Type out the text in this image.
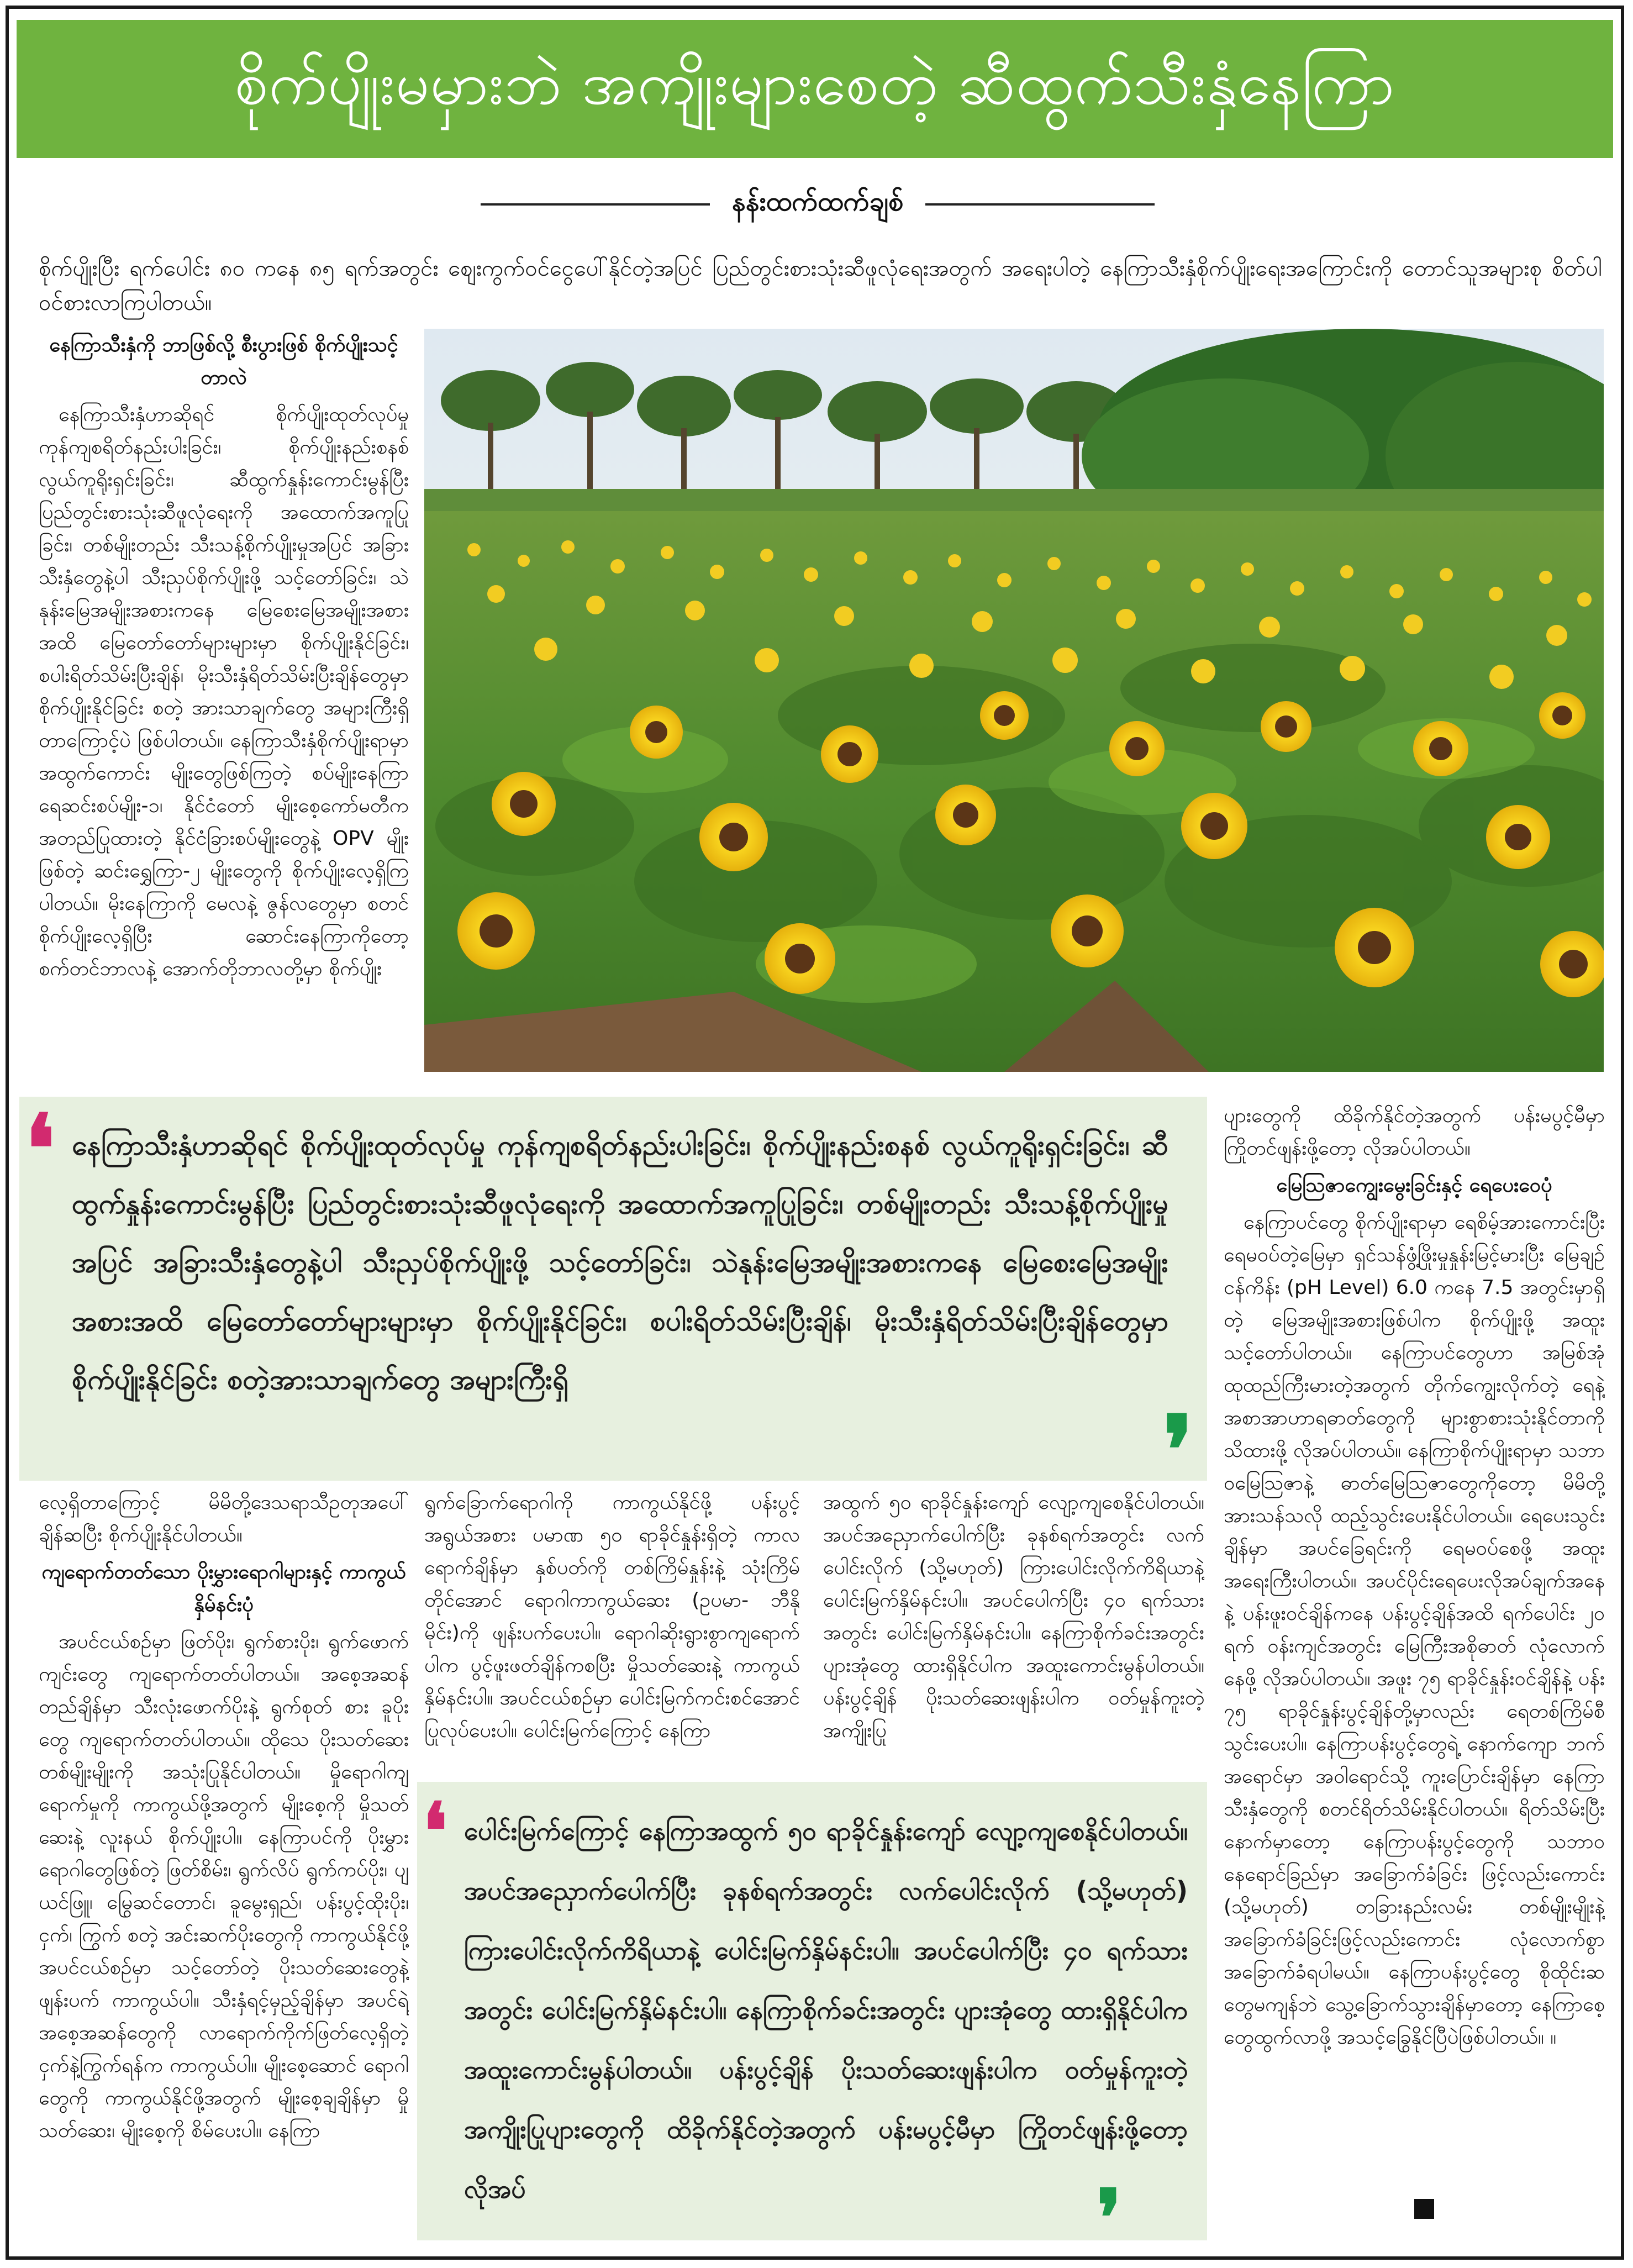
စိုက်ပျိုးမမှားဘဲ အကျိုးများစေတဲ့ ဆီထွက်သီးနှံနေကြာ
နန်းထက်ထက်ချစ်
စိုက်ပျိုးပြီး ရက်ပေါင်း ၈၀ ကနေ ၈၅ ရက်အတွင်း စျေးကွက်ဝင်ငွေပေါ်နိုင်တဲ့အပြင် ပြည်တွင်းစားသုံးဆီဖူလုံရေးအတွက် အရေးပါတဲ့ နေကြာသီးနှံစိုက်ပျိုးရေးအကြောင်းကို တောင်သူအများစု စိတ်ပါဝင်စားလာကြပါတယ်။

နေကြာသီးနှံကို ဘာဖြစ်လို့ စီးပွားဖြစ် စိုက်ပျိုးသင့်တာလဲ

နေကြာသီးနှံဟာဆိုရင် စိုက်ပျိုးထုတ်လုပ်မှု ကုန်ကျစရိတ်နည်းပါးခြင်း၊ စိုက်ပျိုးနည်းစနစ် လွယ်ကူရိုးရှင်းခြင်း၊ ဆီထွက်နှုန်းကောင်းမွန်ပြီး ပြည်တွင်းစားသုံးဆီဖူလုံရေးကို အထောက်အကူပြုခြင်း၊ တစ်မျိုးတည်း သီးသန့်စိုက်ပျိုးမှုအပြင် အခြားသီးနှံတွေနဲ့ပါ သီးညှပ်စိုက်ပျိုးဖို့ သင့်တော်ခြင်း၊ သဲနုန်းမြေအမျိုးအစားကနေ မြေစေးမြေအမျိုးအစားအထိ မြေတော်တော်များများမှာ စိုက်ပျိုးနိုင်ခြင်း၊ စပါးရိတ်သိမ်းပြီးချိန်၊ မိုးသီးနှံရိတ်သိမ်းပြီးချိန်တွေမှာ စိုက်ပျိုးနိုင်ခြင်း စတဲ့ အားသာချက်တွေ အများကြီးရှိတာကြောင့်ပဲ ဖြစ်ပါတယ်။ နေကြာသီးနှံစိုက်ပျိုးရာမှာ အထွက်ကောင်း မျိုးတွေဖြစ်ကြတဲ့ စပ်မျိုးနေကြာ ရေဆင်းစပ်မျိုး-၁၊ နိုင်ငံတော် မျိုးစေ့ကော်မတီက အတည်ပြုထားတဲ့ နိုင်ငံခြားစပ်မျိုးတွေနဲ့ OPV မျိုးဖြစ်တဲ့ ဆင်းရွှေကြာ-၂ မျိုးတွေကို စိုက်ပျိုးလေ့ရှိကြပါတယ်။ မိုးနေကြာကို မေလနဲ့ ဇွန်လတွေမှာ စတင်စိုက်ပျိုးလေ့ရှိပြီး ဆောင်းနေကြာကိုတော့ စက်တင်ဘာလနဲ့ အောက်တိုဘာလတို့မှာ စိုက်ပျိုး

❛ နေကြာသီးနှံဟာဆိုရင် စိုက်ပျိုးထုတ်လုပ်မှု ကုန်ကျစရိတ်နည်းပါးခြင်း၊ စိုက်ပျိုးနည်းစနစ် လွယ်ကူရိုးရှင်းခြင်း၊ ဆီထွက်နှုန်းကောင်းမွန်ပြီး ပြည်တွင်းစားသုံးဆီဖူလုံရေးကို အထောက်အကူပြုခြင်း၊ တစ်မျိုးတည်း သီးသန့်စိုက်ပျိုးမှုအပြင် အခြားသီးနှံတွေနဲ့ပါ သီးညှပ်စိုက်ပျိုးဖို့ သင့်တော်ခြင်း၊ သဲနုန်းမြေအမျိုးအစားကနေ မြေစေးမြေအမျိုးအစားအထိ မြေတော်တော်များများမှာ စိုက်ပျိုးနိုင်ခြင်း၊ စပါးရိတ်သိမ်းပြီးချိန်၊ မိုးသီးနှံရိတ်သိမ်းပြီးချိန်တွေမှာ စိုက်ပျိုးနိုင်ခြင်း စတဲ့အားသာချက်တွေ အများကြီးရှိ
❜

လေ့ရှိတာကြောင့် မိမိတို့ဒေသရာသီဥတုအပေါ် ချိန်ဆပြီး စိုက်ပျိုးနိုင်ပါတယ်။

ကျရောက်တတ်သော ပိုးမွှားရောဂါများနှင့် ကာကွယ်နှိမ်နင်းပုံ

အပင်ငယ်စဉ်မှာ ဖြတ်ပိုး၊ ရွက်စားပိုး၊ ရွက်ဖောက်ကျင်းတွေ ကျရောက်တတ်ပါတယ်။ အစေ့အဆန်တည်ချိန်မှာ သီးလုံးဖောက်ပိုးနဲ့ ရွက်စုတ် စား ခူပိုးတွေ ကျရောက်တတ်ပါတယ်။ ထိုသေ ပိုးသတ်ဆေးတစ်မျိုးမျိုးကို အသုံးပြုနိုင်ပါတယ်။ မှိုရောဂါကျရောက်မှုကို ကာကွယ်ဖို့အတွက် မျိုးစေ့ကို မှိုသတ်ဆေးနဲ့ လူးနယ် စိုက်ပျိုးပါ။ နေကြာပင်ကို ပိုးမွှားရောဂါတွေဖြစ်တဲ့ ဖြတ်စိမ်း၊ ရွက်လိပ် ရွက်ကပ်ပိုး၊ ပျ ယင်ဖြူ၊ မြွေဆင်တောင်၊ ခူမွေးရှည်၊ ပန်းပွင့်ထိုးပိုး၊ ငှက်၊ ကြွက် စတဲ့ အင်းဆက်ပိုးတွေကို ကာကွယ်နိုင်ဖို့ အပင်ငယ်စဉ်မှာ သင့်တော်တဲ့ ပိုးသတ်ဆေးတွေနဲ့ ဖျန်းပက် ကာကွယ်ပါ။ သီးနှံရင့်မှည့်ချိန်မှာ အပင်ရဲ့ အစေ့အဆန်တွေကို လာရောက်ကိုက်ဖြတ်လေ့ရှိတဲ့ ငှက်နဲ့ကြွက်ရန်က ကာကွယ်ပါ။ မျိုးစေ့ဆောင် ရောဂါတွေကို ကာကွယ်နိုင်ဖို့အတွက် မျိုးစေ့ချချိန်မှာ မှိုသတ်ဆေး၊ မျိုးစေ့ကို စိမ်ပေးပါ။ နေကြာ

ရွက်ခြောက်ရောဂါကို ကာကွယ်နိုင်ဖို့ ပန်းပွင့်အရွယ်အစား ပမာဏ ၅၀ ရာခိုင်နှုန်းရှိတဲ့ ကာလ ရောက်ချိန်မှာ နှစ်ပတ်ကို တစ်ကြိမ်နှုန်းနဲ့ သုံးကြိမ်တိုင်အောင် ရောဂါကာကွယ်ဆေး (ဥပမာ- ဘီနိုမိုင်း)ကို ဖျန်းပက်ပေးပါ။ ရောဂါဆိုးရွားစွာကျရောက်ပါက ပွင့်ဖူးဖတ်ချိန်ကစပြီး မှိုသတ်ဆေးနဲ့ ကာကွယ်နှိမ်နင်းပါ။ အပင်ငယ်စဉ်မှာ ပေါင်းမြက်ကင်းစင်အောင်ပြုလုပ်ပေးပါ။ ပေါင်းမြက်ကြောင့် နေကြာ

အထွက် ၅၀ ရာခိုင်နှုန်းကျော် လျော့ကျစေနိုင်ပါတယ်။ အပင်အညှောက်ပေါက်ပြီး ခုနစ်ရက်အတွင်း လက်ပေါင်းလိုက် (သို့မဟုတ်) ကြားပေါင်းလိုက်ကိရိယာနဲ့ ပေါင်းမြက်နှိမ်နင်းပါ။ အပင်ပေါက်ပြီး ၄၀ ရက်သားအတွင်း ပေါင်းမြက်နှိမ်နင်းပါ။ နေကြာစိုက်ခင်းအတွင်း ပျားအုံတွေ ထားရှိနိုင်ပါက အထူးကောင်းမွန်ပါတယ်။ ပန်းပွင့်ချိန် ပိုးသတ်ဆေးဖျန်းပါက ဝတ်မှုန်ကူးတဲ့ အကျိုးပြု

❛ ပေါင်းမြက်ကြောင့် နေကြာအထွက် ၅၀ ရာခိုင်နှုန်းကျော် လျော့ကျစေနိုင်ပါတယ်။ အပင်အညှောက်ပေါက်ပြီး ခုနစ်ရက်အတွင်း လက်ပေါင်းလိုက် (သို့မဟုတ်) ကြားပေါင်းလိုက်ကိရိယာနဲ့ ပေါင်းမြက်နှိမ်နင်းပါ။ အပင်ပေါက်ပြီး ၄၀ ရက်သားအတွင်း ပေါင်းမြက်နှိမ်နင်းပါ။ နေကြာစိုက်ခင်းအတွင်း ပျားအုံတွေ ထားရှိနိုင်ပါက အထူးကောင်းမွန်ပါတယ်။ ပန်းပွင့်ချိန် ပိုးသတ်ဆေးဖျန်းပါက ဝတ်မှုန်ကူးတဲ့ အကျိုးပြုပျားတွေကို ထိခိုက်နိုင်တဲ့အတွက် ပန်းမပွင့်မီမှာ ကြိုတင်ဖျန်းဖို့တော့လိုအပ်	❜

ပျားတွေကို ထိခိုက်နိုင်တဲ့အတွက် ပန်းမပွင့်မီမှာ ကြိုတင်ဖျန်းဖို့တော့ လိုအပ်ပါတယ်။

မြေဩဇာကျွေးမွေးခြင်းနှင့် ရေပေးဝေပုံ

နေကြာပင်တွေ စိုက်ပျိုးရာမှာ ရေစိမ့်အားကောင်းပြီး ရေမဝပ်တဲ့မြေမှာ ရှင်သန်ဖွံ့ဖြိုးမှုနှုန်းမြင့်မားပြီး မြေချဉ်ငန်ကိန်း (pH Level) 6.0 ကနေ 7.5 အတွင်းမှာရှိတဲ့ မြေအမျိုးအစားဖြစ်ပါက စိုက်ပျိုးဖို့ အထူးသင့်တော်ပါတယ်။ နေကြာပင်တွေဟာ အမြစ်အုံထုထည်ကြီးမားတဲ့အတွက် တိုက်ကျွေးလိုက်တဲ့ ရေနဲ့ အစာအာဟာရဓာတ်တွေကို များစွာစားသုံးနိုင်တာကို သိထားဖို့ လိုအပ်ပါတယ်။ နေကြာစိုက်ပျိုးရာမှာ သဘာဝမြေဩဇာနဲ့ ဓာတ်မြေဩဇာတွေကိုတော့ မိမိတို့အားသန်သလို ထည့်သွင်းပေးနိုင်ပါတယ်။ ရေပေးသွင်းချိန်မှာ အပင်ခြေရင်းကို ရေမဝပ်စေဖို့ အထူးအရေးကြီးပါတယ်။ အပင်ပိုင်းရေပေးလိုအပ်ချက်အနေနဲ့ ပန်းဖူးဝင်ချိန်ကနေ ပန်းပွင့်ချိန်အထိ ရက်ပေါင်း ၂၀ ရက် ဝန်းကျင်အတွင်း မြေကြီးအစိုဓာတ် လုံလောက်နေဖို့ လိုအပ်ပါတယ်။ အဖူး ၇၅ ရာခိုင်နှုန်းဝင်ချိန်နဲ့ ပန်း ၇၅ ရာခိုင်နှုန်းပွင့်ချိန်တို့မှာလည်း ရေတစ်ကြိမ်စီ သွင်းပေးပါ။ နေကြာပန်းပွင့်တွေရဲ့ နောက်ကျော ဘက်အရောင်မှာ အဝါရောင်သို့ ကူးပြောင်းချိန်မှာ နေကြာသီးနှံတွေကို စတင်ရိတ်သိမ်းနိုင်ပါတယ်။ ရိတ်သိမ်းပြီးနောက်မှာတော့ နေကြာပန်းပွင့်တွေကို သဘာဝနေရောင်ခြည်မှာ အခြောက်ခံခြင်း ဖြင့်လည်းကောင်း (သို့မဟုတ်) တခြားနည်းလမ်း တစ်မျိုးမျိုးနဲ့ အခြောက်ခံခြင်းဖြင့်လည်းကောင်း လုံလောက်စွာ အခြောက်ခံရပါမယ်။ နေကြာပန်းပွင့်တွေ စိုထိုင်းဆတွေမကျန်ဘဲ သွေ့ခြောက်သွားချိန်မှာတော့ နေကြာစေ့တွေထွက်လာဖို့ အသင့်ခြွေနိုင်ပြီပဲဖြစ်ပါတယ်။ ။
